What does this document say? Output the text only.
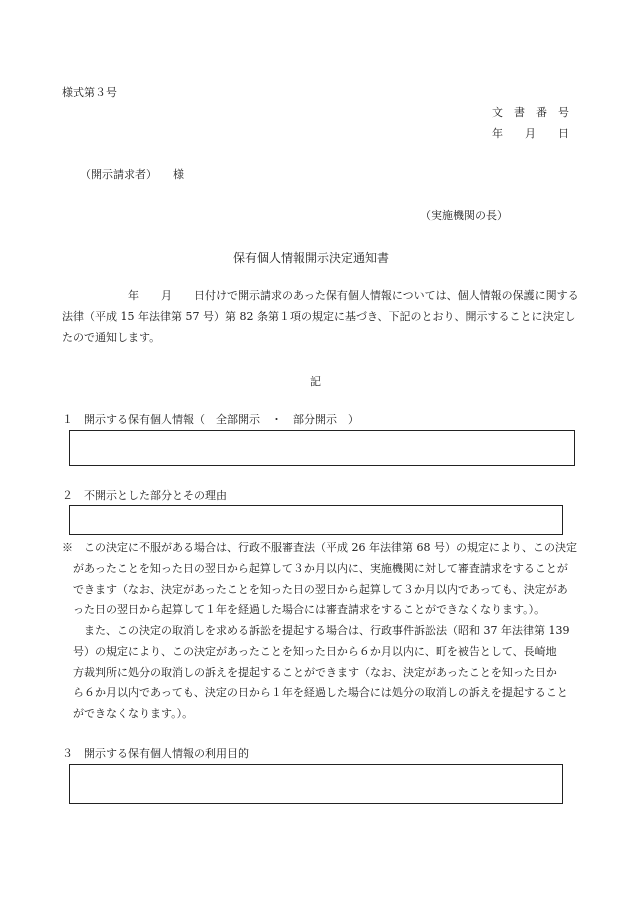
様式第３号
文　書　番　号
年　　月　　日
（開示請求者） 様
（実施機関の長）
保有個人情報開示決定通知書
　　　　　　年　　月　　日付けで開示請求のあった保有個人情報については、個人情報の保護に関する
法律（平成 15 年法律第 57 号）第 82 条第１項の規定に基づき、下記のとおり、開示することに決定し
たので通知します。
記
１　開示する保有個人情報（　全部開示　・　部分開示　）
２　不開示とした部分とその理由
※　この決定に不服がある場合は、行政不服審査法（平成 26 年法律第 68 号）の規定により、この決定
があったことを知った日の翌日から起算して３か月以内に、実施機関に対して審査請求をすることが
できます（なお、決定があったことを知った日の翌日から起算して３か月以内であっても、決定があ
った日の翌日から起算して１年を経過した場合には審査請求をすることができなくなります。）。
また、この決定の取消しを求める訴訟を提起する場合は、行政事件訴訟法（昭和 37 年法律第 139
号）の規定により、この決定があったことを知った日から６か月以内に、町を被告として、長崎地
方裁判所に処分の取消しの訴えを提起することができます（なお、決定があったことを知った日か
ら６か月以内であっても、決定の日から１年を経過した場合には処分の取消しの訴えを提起すること
ができなくなります。）。
３　開示する保有個人情報の利用目的
